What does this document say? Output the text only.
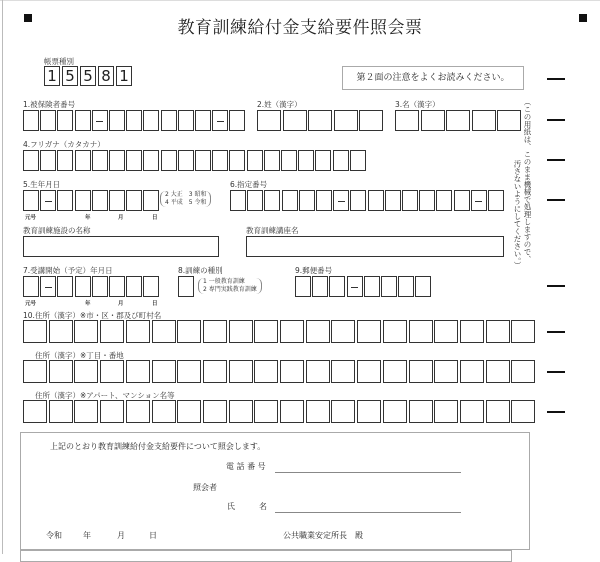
教育訓練給付金支給要件照会票
帳票種別
1 5 5 8 1	第２面の注意をよくお読みください。
（この用紙は、このまま機械で処理しますので、
汚さないようにしてください。）
1.被保険者番号	2.姓（漢字）	3.名（漢字）
4.フリガナ（カタカナ）
5.生年月日
2 大正　3 昭和
4 平成　5 令和
6.指定番号
元号	年	月	日
教育訓練施設の名称	教育訓練講座名
7.受講開始（予定）年月日	8.訓練の種別
1 一般教育訓練
2 専門実践教育訓練
9.郵便番号
元号	年	月	日
10.住所（漢字）※市・区・郡及び町村名
住所（漢字）※丁目・番地
住所（漢字）※アパート、マンション名等
上記のとおり教育訓練給付金支給要件について照会します。
電 話 番 号
照会者
氏　　　名
令和	年	月	日	公共職業安定所長　殿
